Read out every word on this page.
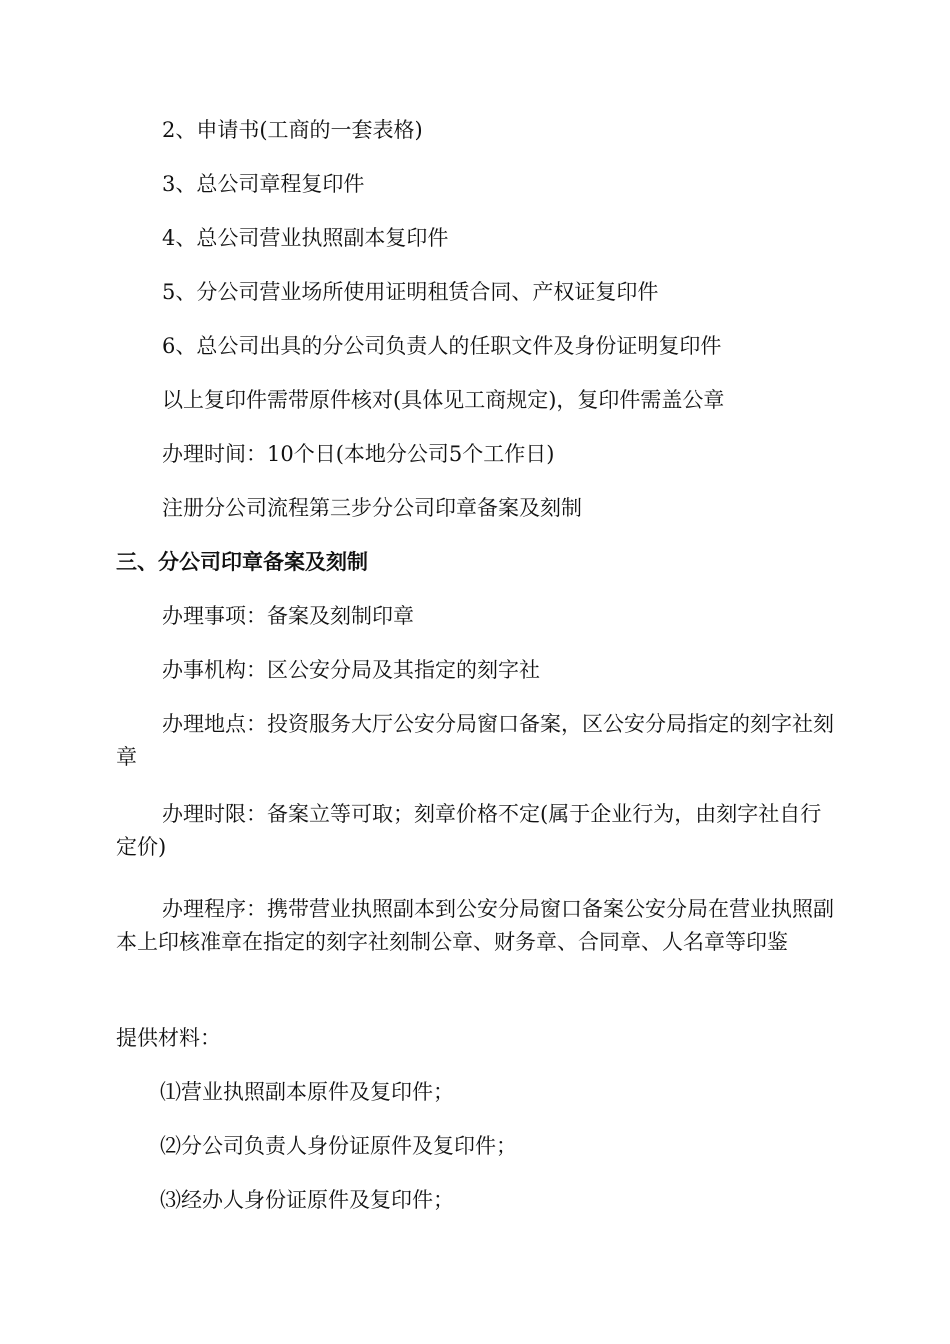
2、申请书(工商的一套表格)

3、总公司章程复印件

4、总公司营业执照副本复印件

5、分公司营业场所使用证明租赁合同、产权证复印件

6、总公司出具的分公司负责人的任职文件及身份证明复印件

以上复印件需带原件核对(具体见工商规定)，复印件需盖公章

办理时间：10个日(本地分公司5个工作日)

注册分公司流程第三步分公司印章备案及刻制

三、分公司印章备案及刻制

办理事项：备案及刻制印章

办事机构：区公安分局及其指定的刻字社

办理地点：投资服务大厅公安分局窗口备案，区公安分局指定的刻字社刻章

办理时限：备案立等可取；刻章价格不定(属于企业行为，由刻字社自行定价)

办理程序：携带营业执照副本到公安分局窗口备案公安分局在营业执照副本上印核准章在指定的刻字社刻制公章、财务章、合同章、人名章等印鉴

提供材料：

⑴营业执照副本原件及复印件；

⑵分公司负责人身份证原件及复印件；

⑶经办人身份证原件及复印件；
